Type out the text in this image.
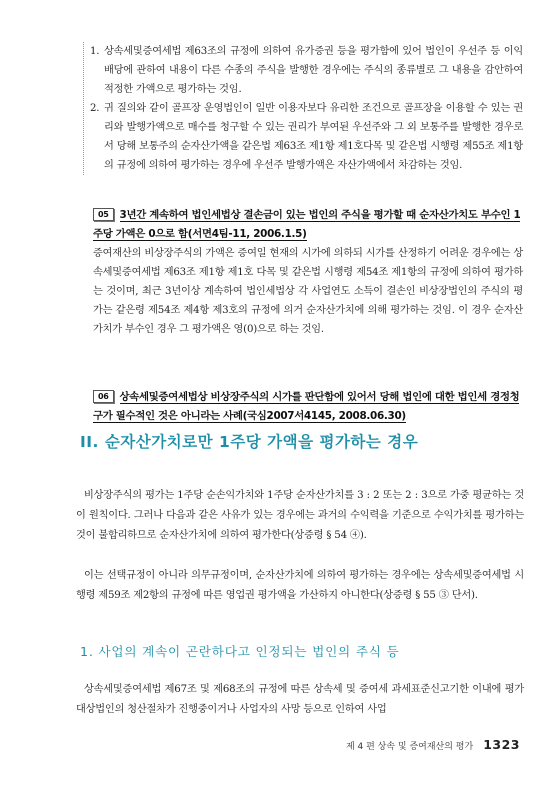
1. 상속세및증여세법 제63조의 규정에 의하여 유가증권 등을 평가함에 있어 법인이 우선주 등 이익배당에 관하여 내용이 다른 수종의 주식을 발행한 경우에는 주식의 종류별로 그 내용을 감안하여 적정한 가액으로 평가하는 것임.
2. 귀 질의와 같이 골프장 운영법인이 일반 이용자보다 유리한 조건으로 골프장을 이용할 수 있는 권리와 발행가액으로 매수를 청구할 수 있는 권리가 부여된 우선주와 그 외 보통주를 발행한 경우로서 당해 보통주의 순자산가액을 같은법 제63조 제1항 제1호다목 및 같은법 시행령 제55조 제1항의 규정에 의하여 평가하는 경우에 우선주 발행가액은 자산가액에서 차감하는 것임.
05 3년간 계속하여 법인세법상 결손금이 있는 법인의 주식을 평가할 때 순자산가치도 부수인 1주당 가액은 0으로 함(서면4팀-11, 2006.1.5)
증여재산의 비상장주식의 가액은 증여일 현재의 시가에 의하되 시가를 산정하기 어려운 경우에는 상속세및증여세법 제63조 제1항 제1호 다목 및 같은법 시행령 제54조 제1항의 규정에 의하여 평가하는 것이며, 최근 3년이상 계속하여 법인세법상 각 사업연도 소득이 결손인 비상장법인의 주식의 평가는 같은령 제54조 제4항 제3호의 규정에 의거 순자산가치에 의해 평가하는 것임. 이 경우 순자산가치가 부수인 경우 그 평가액은 영(0)으로 하는 것임.
06 상속세및증여세법상 비상장주식의 시가를 판단함에 있어서 당해 법인에 대한 법인세 경정청구가 필수적인 것은 아니라는 사례(국심2007서4145, 2008.06.30)
II. 순자산가치로만 1주당 가액을 평가하는 경우
비상장주식의 평가는 1주당 순손익가치와 1주당 순자산가치를 3 : 2 또는 2 : 3으로 가중 평균하는 것이 원칙이다. 그러나 다음과 같은 사유가 있는 경우에는 과거의 수익력을 기준으로 수익가치를 평가하는 것이 불합리하므로 순자산가치에 의하여 평가한다(상증령 § 54 ④).
이는 선택규정이 아니라 의무규정이며, 순자산가치에 의하여 평가하는 경우에는 상속세및증여세법 시행령 제59조 제2항의 규정에 따른 영업권 평가액을 가산하지 아니한다(상증령 § 55 ③ 단서).
1. 사업의 계속이 곤란하다고 인정되는 법인의 주식 등
상속세및증여세법 제67조 및 제68조의 규정에 따른 상속세 및 증여세 과세표준신고기한 이내에 평가대상법인의 청산절차가 진행중이거나 사업자의 사망 등으로 인하여 사업
제 4 편 상속 및 증여재산의 평가 1323
